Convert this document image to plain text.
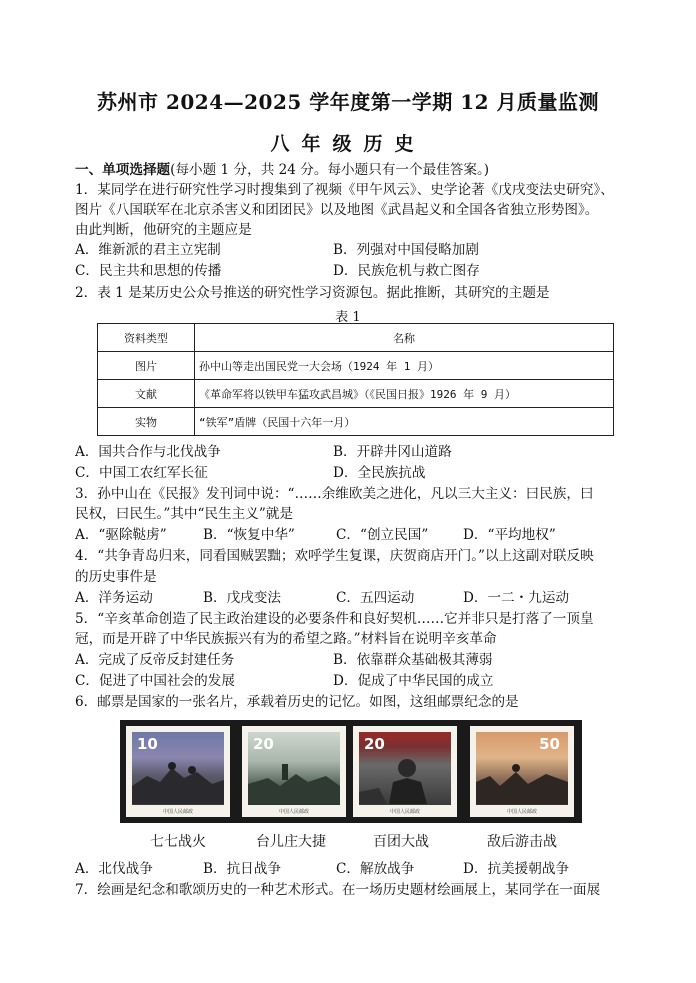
苏州市 2024—2025 学年度第一学期 12 月质量监测
八年级历史
一、单项选择题(每小题 1 分，共 24 分。每小题只有一个最佳答案。)
1．某同学在进行研究性学习时搜集到了视频《甲午风云》、史学论著《戊戌变法史研究》、
图片《八国联军在北京杀害义和团团民》以及地图《武昌起义和全国各省独立形势图》。
由此判断，他研究的主题应是
A．维新派的君主立宪制	B．列强对中国侵略加剧
C．民主共和思想的传播	D．民族危机与救亡图存
2．表 1 是某历史公众号推送的研究性学习资源包。据此推断，其研究的主题是
表 1
资料类型	名称
图片	孙中山等走出国民党一大会场（1924 年 1 月）
文献	《革命军将以铁甲车猛攻武昌城》（《民国日报》1926 年 9 月）
实物	“铁军”盾牌（民国十六年一月）
A．国共合作与北伐战争	B．开辟井冈山道路
C．中国工农红军长征	D．全民族抗战
3．孙中山在《民报》发刊词中说：“……余维欧美之进化，凡以三大主义：曰民族，曰
民权，曰民生。”其中“民生主义”就是
A．“驱除鞑虏”	B．“恢复中华”	C．“创立民国”	D．“平均地权”
4．“共争青岛归来，同看国贼罢黜；欢呼学生复课，庆贺商店开门。”以上这副对联反映
的历史事件是
A．洋务运动	B．戊戌变法	C．五四运动	D．一二・九运动
5．“辛亥革命创造了民主政治建设的必要条件和良好契机……它并非只是打落了一顶皇
冠，而是开辟了中华民族振兴有为的希望之路。”材料旨在说明辛亥革命
A．完成了反帝反封建任务	B．依靠群众基础极其薄弱
C．促进了中国社会的发展	D．促成了中华民国的成立
6．邮票是国家的一张名片，承载着历史的记忆。如图，这组邮票纪念的是
10
中国人民邮政
20
中国人民邮政
20
中国人民邮政
50
中国人民邮政
七七战火	台儿庄大捷	百团大战	敌后游击战
A．北伐战争	B．抗日战争	C．解放战争	D．抗美援朝战争
7．绘画是纪念和歌颂历史的一种艺术形式。在一场历史题材绘画展上，某同学在一面展
